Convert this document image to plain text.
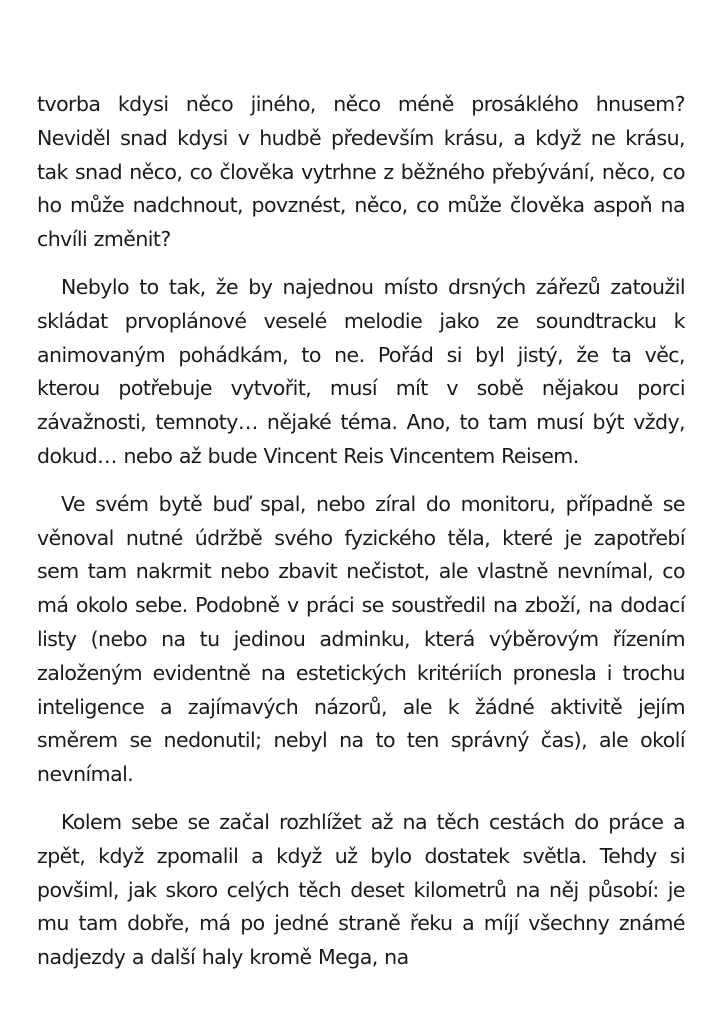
tvorba kdysi něco jiného, něco méně prosáklého hnusem? Neviděl snad kdysi v hudbě především krásu, a když ne krásu, tak snad něco, co člověka vytrhne z běžného přebývání, něco, co ho může nadchnout, povznést, něco, co může člověka aspoň na chvíli změnit?

Nebylo to tak, že by najednou místo drsných zářezů zatoužil skládat prvoplánové veselé melodie jako ze soundtracku k animovaným pohádkám, to ne. Pořád si byl jistý, že ta věc, kterou potřebuje vytvořit, musí mít v sobě nějakou porci závažnosti, temnoty… nějaké téma. Ano, to tam musí být vždy, dokud… nebo až bude Vincent Reis Vincentem Reisem.

Ve svém bytě buď spal, nebo zíral do monitoru, případně se věnoval nutné údržbě svého fyzického těla, které je zapotřebí sem tam nakrmit nebo zbavit nečistot, ale vlastně nevnímal, co má okolo sebe. Podobně v práci se soustředil na zboží, na dodací listy (nebo na tu jedinou adminku, která výběrovým řízením založeným evidentně na estetických kritériích pronesla i trochu inteligence a zajímavých názorů, ale k žádné aktivitě jejím směrem se nedonutil; nebyl na to ten správný čas), ale okolí nevnímal.

Kolem sebe se začal rozhlížet až na těch cestách do práce a zpět, když zpomalil a když už bylo dostatek světla. Tehdy si povšiml, jak skoro celých těch deset kilometrů na něj působí: je mu tam dobře, má po jedné straně řeku a míjí všechny známé nadjezdy a další haly kromě Mega, na
